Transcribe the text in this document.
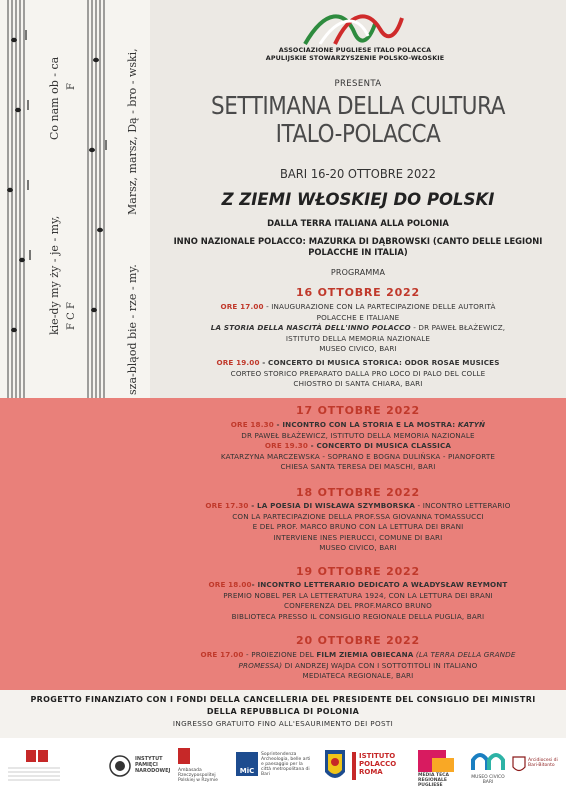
kie-dy my ży - je - my,
Co nam ob - ca
sza-bląod bie - rze - my.
Marsz, marsz, Dą - bro - wski,
F C F
F
ASSOCIAZIONE PUGLIESE ITALO POLACCA
APULIJSKIE STOWARZYSZENIE POLSKO-WŁOSKIE
PRESENTA
SETTIMANA DELLA CULTURA
ITALO-POLACCA
BARI 16-20 OTTOBRE 2022
Z ZIEMI WŁOSKIEJ DO POLSKI
DALLA TERRA ITALIANA ALLA POLONIA
INNO NAZIONALE POLACCO: MAZURKA DI DĄBROWSKI (CANTO DELLE LEGIONI
POLACCHE IN ITALIA)
PROGRAMMA
16 OTTOBRE 2022
ORE 17.00 - INAUGURAZIONE CON LA PARTECIPAZIONE DELLE AUTORITÀ
POLACCHE E ITALIANE
LA STORIA DELLA NASCITÀ DELL'INNO POLACCO - DR PAWEŁ BŁAŻEWICZ,
ISTITUTO DELLA MEMORIA NAZIONALE
MUSEO CIVICO, BARI
ORE 19.00 - CONCERTO DI MUSICA STORICA: ODOR ROSAE MUSICES
CORTEO STORICO PREPARATO DALLA PRO LOCO DI PALO DEL COLLE
CHIOSTRO DI SANTA CHIARA, BARI
17 OTTOBRE 2022
ORE 18.30 - INCONTRO CON LA STORIA E LA MOSTRA: KATYŃ
DR PAWEŁ BŁAŻEWICZ, ISTITUTO DELLA MEMORIA NAZIONALE
ORE 19.30 - CONCERTO DI MUSICA CLASSICA
KATARZYNA MARCZEWSKA - SOPRANO E BOGNA DULIŃSKA - PIANOFORTE
CHIESA SANTA TERESA DEI MASCHI, BARI
18 OTTOBRE 2022
ORE 17.30 - LA POESIA DI WISŁAWA SZYMBORSKA - INCONTRO LETTERARIO
CON LA PARTECIPAZIONE DELLA PROF.SSA GIOVANNA TOMASSUCCI
E DEL PROF. MARCO BRUNO CON LA LETTURA DEI BRANI
INTERVIENE INES PIERUCCI, COMUNE DI BARI
MUSEO CIVICO, BARI
19 OTTOBRE 2022
ORE 18.00- INCONTRO LETTERARIO DEDICATO A WŁADYSŁAW REYMONT
PREMIO NOBEL PER LA LETTERATURA 1924, CON LA LETTURA DEI BRANI
CONFERENZA DEL PROF.MARCO BRUNO
BIBLIOTECA PRESSO IL CONSIGLIO REGIONALE DELLA PUGLIA, BARI
20 OTTOBRE 2022
ORE 17.00 - PROIEZIONE DEL FILM ZIEMIA OBIECANA (LA TERRA DELLA GRANDE
PROMESSA) DI ANDRZEJ WAJDA CON I SOTTOTITOLI IN ITALIANO
MEDIATECA REGIONALE, BARI
PROGETTO FINANZIATO CON I FONDI DELLA CANCELLERIA DEL PRESIDENTE DEL CONSIGLIO DEI MINISTRI
DELLA REPUBBLICA DI POLONIA
INGRESSO GRATUITO FINO ALL'ESAURIMENTO DEI POSTI
INSTYTUT PAMIĘCI NARODOWEJ Ambasada Rzeczypospolitej Polskiej w Rzymie
MiC
Soprintendenza Archeologia, belle arti e paesaggio per la città metropolitana di Bari
ISTITUTO POLACCO ROMA	MEDIA TECA REGIONALE PUGLIESE
MUSEO CIVICO BARI
Arcidiocesi di Bari-Bitonto
